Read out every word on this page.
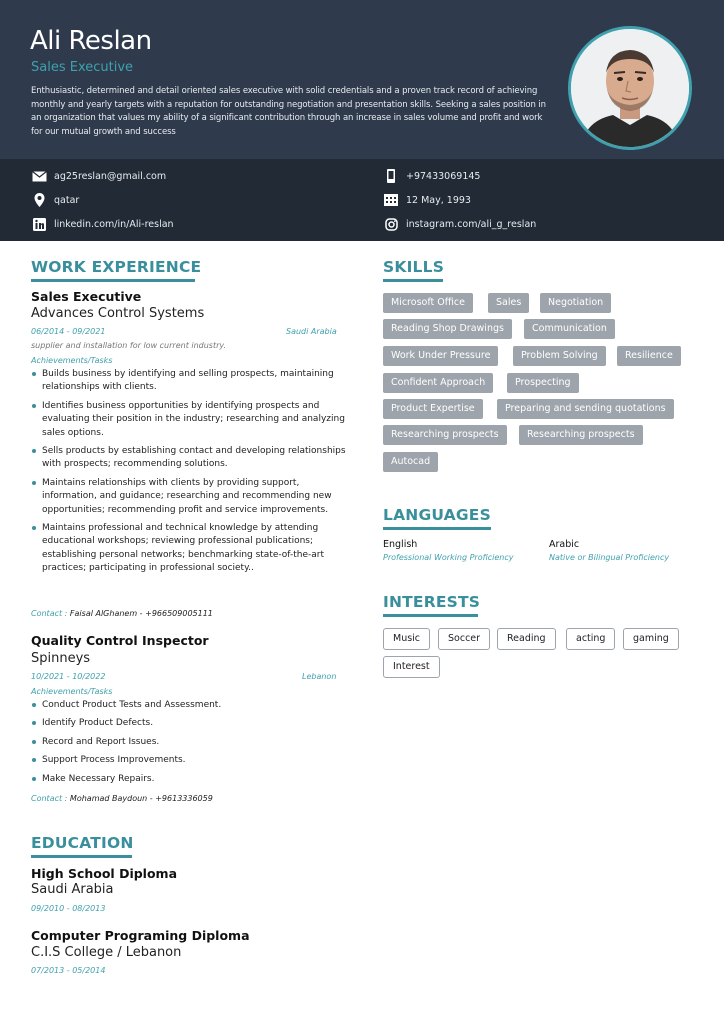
Ali Reslan
Sales Executive
Enthusiastic, determined and detail oriented sales executive with solid credentials and a proven track record of achieving monthly and yearly targets with a reputation for outstanding negotiation and presentation skills. Seeking a sales position in an organization that values my ability of a significant contribution through an increase in sales volume and profit and work for our mutual growth and success
ag25reslan@gmail.com	+97433069145
qatar	12 May, 1993
linkedin.com/in/Ali-reslan	instagram.com/ali_g_reslan
WORK EXPERIENCE
Sales Executive
Advances Control Systems
06/2014 - 09/2021	Saudi Arabia
supplier and installation for low current industry.
Achievements/Tasks
Builds business by identifying and selling prospects, maintaining relationships with clients.
Identifies business opportunities by identifying prospects and evaluating their position in the industry; researching and analyzing sales options.
Sells products by establishing contact and developing relationships with prospects; recommending solutions.
Maintains relationships with clients by providing support, information, and guidance; researching and recommending new opportunities; recommending profit and service improvements.
Maintains professional and technical knowledge by attending educational workshops; reviewing professional publications; establishing personal networks; benchmarking state-of-the-art practices; participating in professional society..
Contact : Faisal AlGhanem - +966509005111
Quality Control Inspector
Spinneys
10/2021 - 10/2022	Lebanon
Achievements/Tasks
Conduct Product Tests and Assessment.
Identify Product Defects.
Record and Report Issues.
Support Process Improvements.
Make Necessary Repairs.
Contact : Mohamad Baydoun - +9613336059
EDUCATION
High School Diploma
Saudi Arabia
09/2010 - 08/2013
Computer Programing Diploma
C.I.S College / Lebanon
07/2013 - 05/2014
SKILLS
Microsoft Office	Sales	Negotiation
Reading Shop Drawings	Communication
Work Under Pressure	Problem Solving	Resilience
Confident Approach	Prospecting
Product Expertise	Preparing and sending quotations
Researching prospects	Researching prospects
Autocad
LANGUAGES
English
Professional Working Proficiency
Arabic
Native or Bilingual Proficiency
INTERESTS
Music	Soccer	Reading	acting	gaming
Interest
